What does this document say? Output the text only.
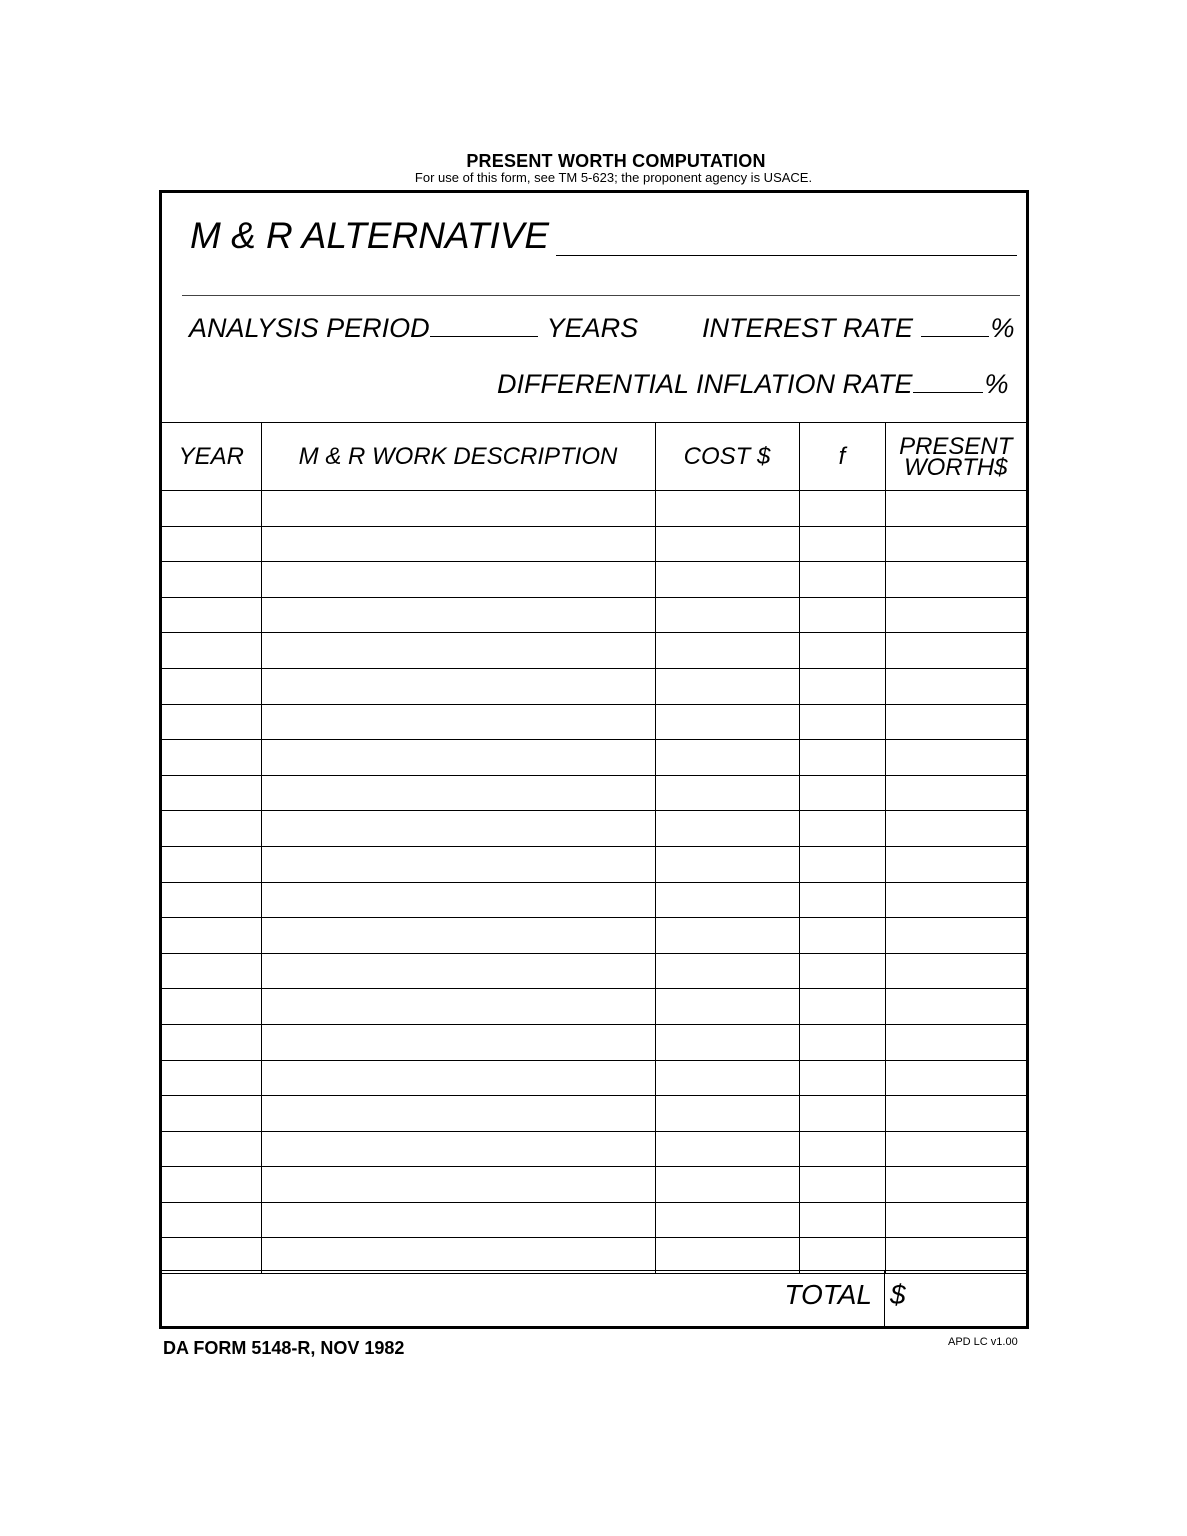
PRESENT WORTH COMPUTATION
For use of this form, see TM 5-623; the proponent agency is USACE.
M & R ALTERNATIVE
ANALYSIS PERIOD	YEARS INTEREST RATE	%
DIFFERENTIAL INFLATION RATE	%
YEAR	M & R WORK DESCRIPTION	COST $	f	PRESENT
WORTH$

TOTAL $
DA FORM 5148-R, NOV 1982	APD LC v1.00
